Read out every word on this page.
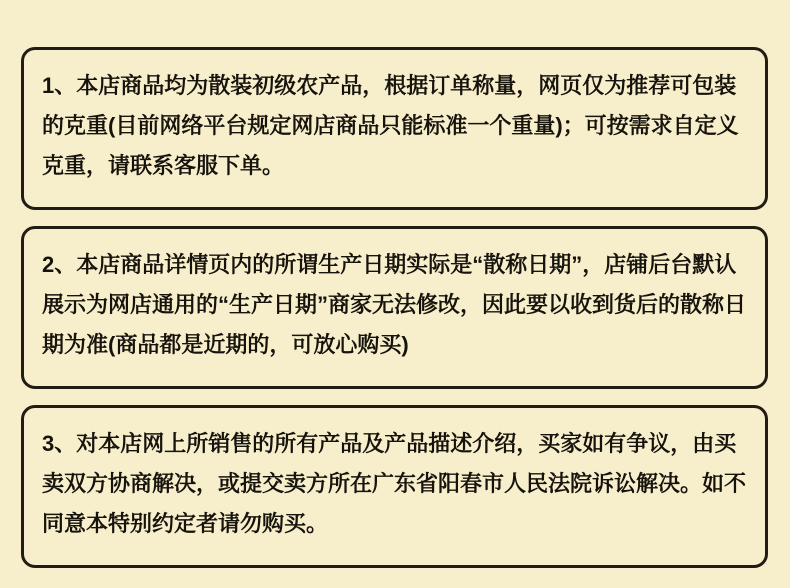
1、本店商品均为散装初级农产品，根据订单称量，网页仅为推荐可包装的克重(目前网络平台规定网店商品只能标准一个重量)；可按需求自定义克重，请联系客服下单。

2、本店商品详情页内的所谓生产日期实际是“散称日期”，店铺后台默认展示为网店通用的“生产日期”商家无法修改，因此要以收到货后的散称日期为准(商品都是近期的，可放心购买)

3、对本店网上所销售的所有产品及产品描述介绍，买家如有争议，由买卖双方协商解决，或提交卖方所在广东省阳春市人民法院诉讼解决。如不同意本特别约定者请勿购买。
